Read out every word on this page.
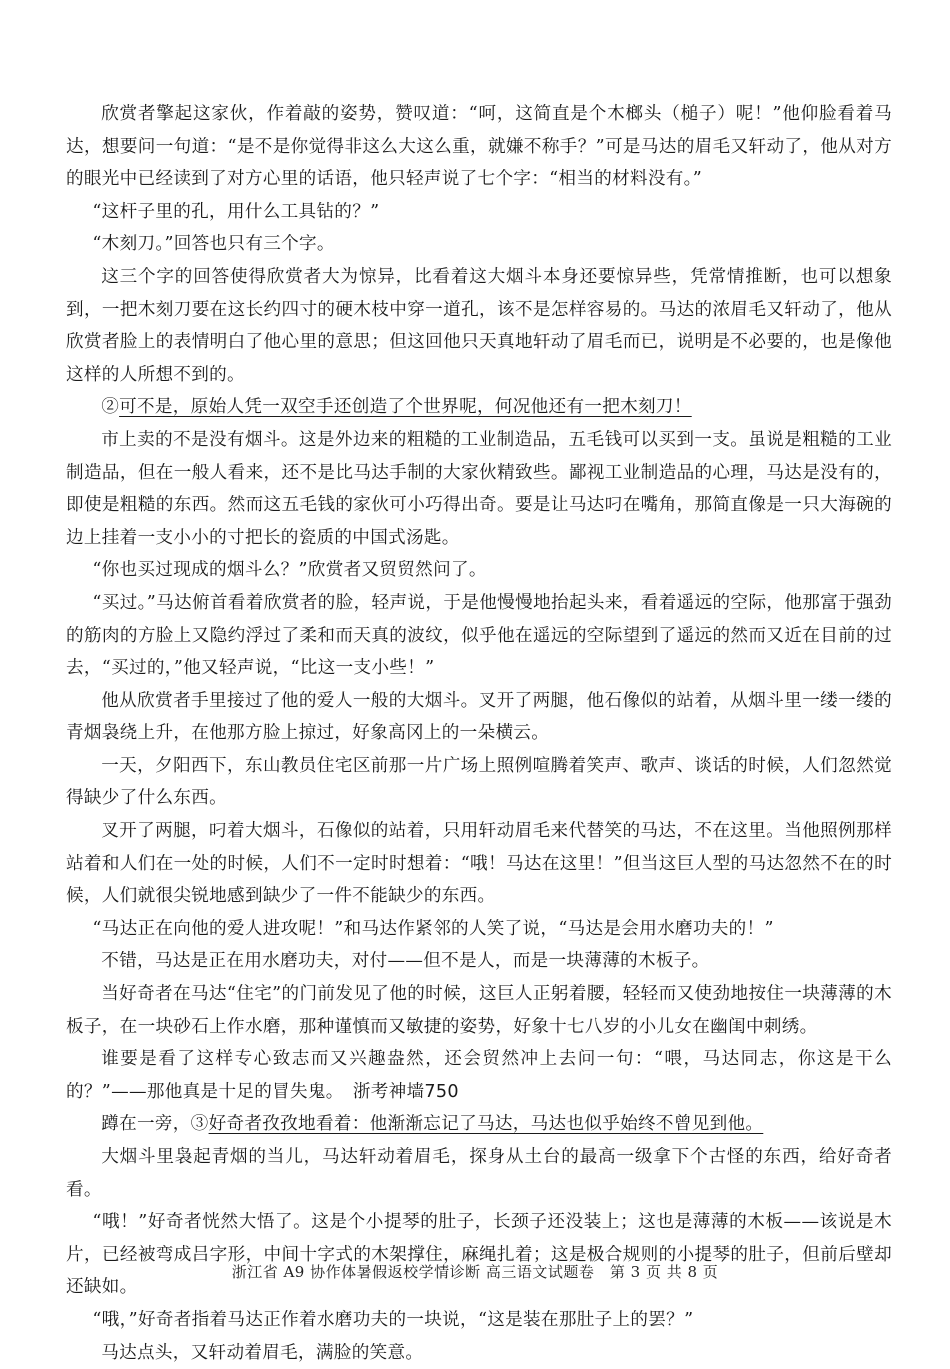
欣赏者擎起这家伙，作着敲的姿势，赞叹道：“呵，这简直是个木榔头（槌子）呢！”他仰脸看着马达，想要问一句道：“是不是你觉得非这么大这么重，就嫌不称手？”可是马达的眉毛又轩动了，他从对方的眼光中已经读到了对方心里的话语，他只轻声说了七个字：“相当的材料没有。”

“这杆子里的孔，用什么工具钻的？”

“木刻刀。”回答也只有三个字。

这三个字的回答使得欣赏者大为惊异，比看着这大烟斗本身还要惊异些，凭常情推断，也可以想象到，一把木刻刀要在这长约四寸的硬木枝中穿一道孔，该不是怎样容易的。马达的浓眉毛又轩动了，他从欣赏者脸上的表情明白了他心里的意思；但这回他只天真地轩动了眉毛而已，说明是不必要的，也是像他这样的人所想不到的。

②可不是，原始人凭一双空手还创造了个世界呢，何况他还有一把木刻刀！

市上卖的不是没有烟斗。这是外边来的粗糙的工业制造品，五毛钱可以买到一支。虽说是粗糙的工业制造品，但在一般人看来，还不是比马达手制的大家伙精致些。鄙视工业制造品的心理，马达是没有的，即使是粗糙的东西。然而这五毛钱的家伙可小巧得出奇。要是让马达叼在嘴角，那简直像是一只大海碗的边上挂着一支小小的寸把长的瓷质的中国式汤匙。

“你也买过现成的烟斗么？”欣赏者又贸贸然问了。

“买过。”马达俯首看着欣赏者的脸，轻声说，于是他慢慢地抬起头来，看着遥远的空际，他那富于强劲的筋肉的方脸上又隐约浮过了柔和而天真的波纹，似乎他在遥远的空际望到了遥远的然而又近在目前的过去，“买过的，”他又轻声说，“比这一支小些！”

他从欣赏者手里接过了他的爱人一般的大烟斗。叉开了两腿，他石像似的站着，从烟斗里一缕一缕的青烟袅绕上升，在他那方脸上掠过，好象高冈上的一朵横云。

一天，夕阳西下，东山教员住宅区前那一片广场上照例喧腾着笑声、歌声、谈话的时候，人们忽然觉得缺少了什么东西。

叉开了两腿，叼着大烟斗，石像似的站着，只用轩动眉毛来代替笑的马达，不在这里。当他照例那样站着和人们在一处的时候，人们不一定时时想着：“哦！马达在这里！”但当这巨人型的马达忽然不在的时候，人们就很尖锐地感到缺少了一件不能缺少的东西。

“马达正在向他的爱人进攻呢！”和马达作紧邻的人笑了说，“马达是会用水磨功夫的！”

不错，马达是正在用水磨功夫，对付——但不是人，而是一块薄薄的木板子。

当好奇者在马达“住宅”的门前发见了他的时候，这巨人正躬着腰，轻轻而又使劲地按住一块薄薄的木板子，在一块砂石上作水磨，那种谨慎而又敏捷的姿势，好象十七八岁的小儿女在幽闺中刺绣。

谁要是看了这样专心致志而又兴趣盎然，还会贸然冲上去问一句：“喂，马达同志，你这是干么的？”——那他真是十足的冒失鬼。　 浙考神墙750

蹲在一旁，③好奇者孜孜地看着：他渐渐忘记了马达，马达也似乎始终不曾见到他。

大烟斗里袅起青烟的当儿，马达轩动着眉毛，探身从土台的最高一级拿下个古怪的东西，给好奇者看。

“哦！”好奇者恍然大悟了。这是个小提琴的肚子，长颈子还没装上；这也是薄薄的木板——该说是木片，已经被弯成吕字形，中间十字式的木架撑住，麻绳扎着；这是极合规则的小提琴的肚子，但前后壁却还缺如。

“哦，”好奇者指着马达正作着水磨功夫的一块说，“这是装在那肚子上的罢？”

马达点头，又轩动着眉毛，满脸的笑意。

浙江省 A9 协作体暑假返校学情诊断 高三语文试题卷　第 3 页 共 8 页
